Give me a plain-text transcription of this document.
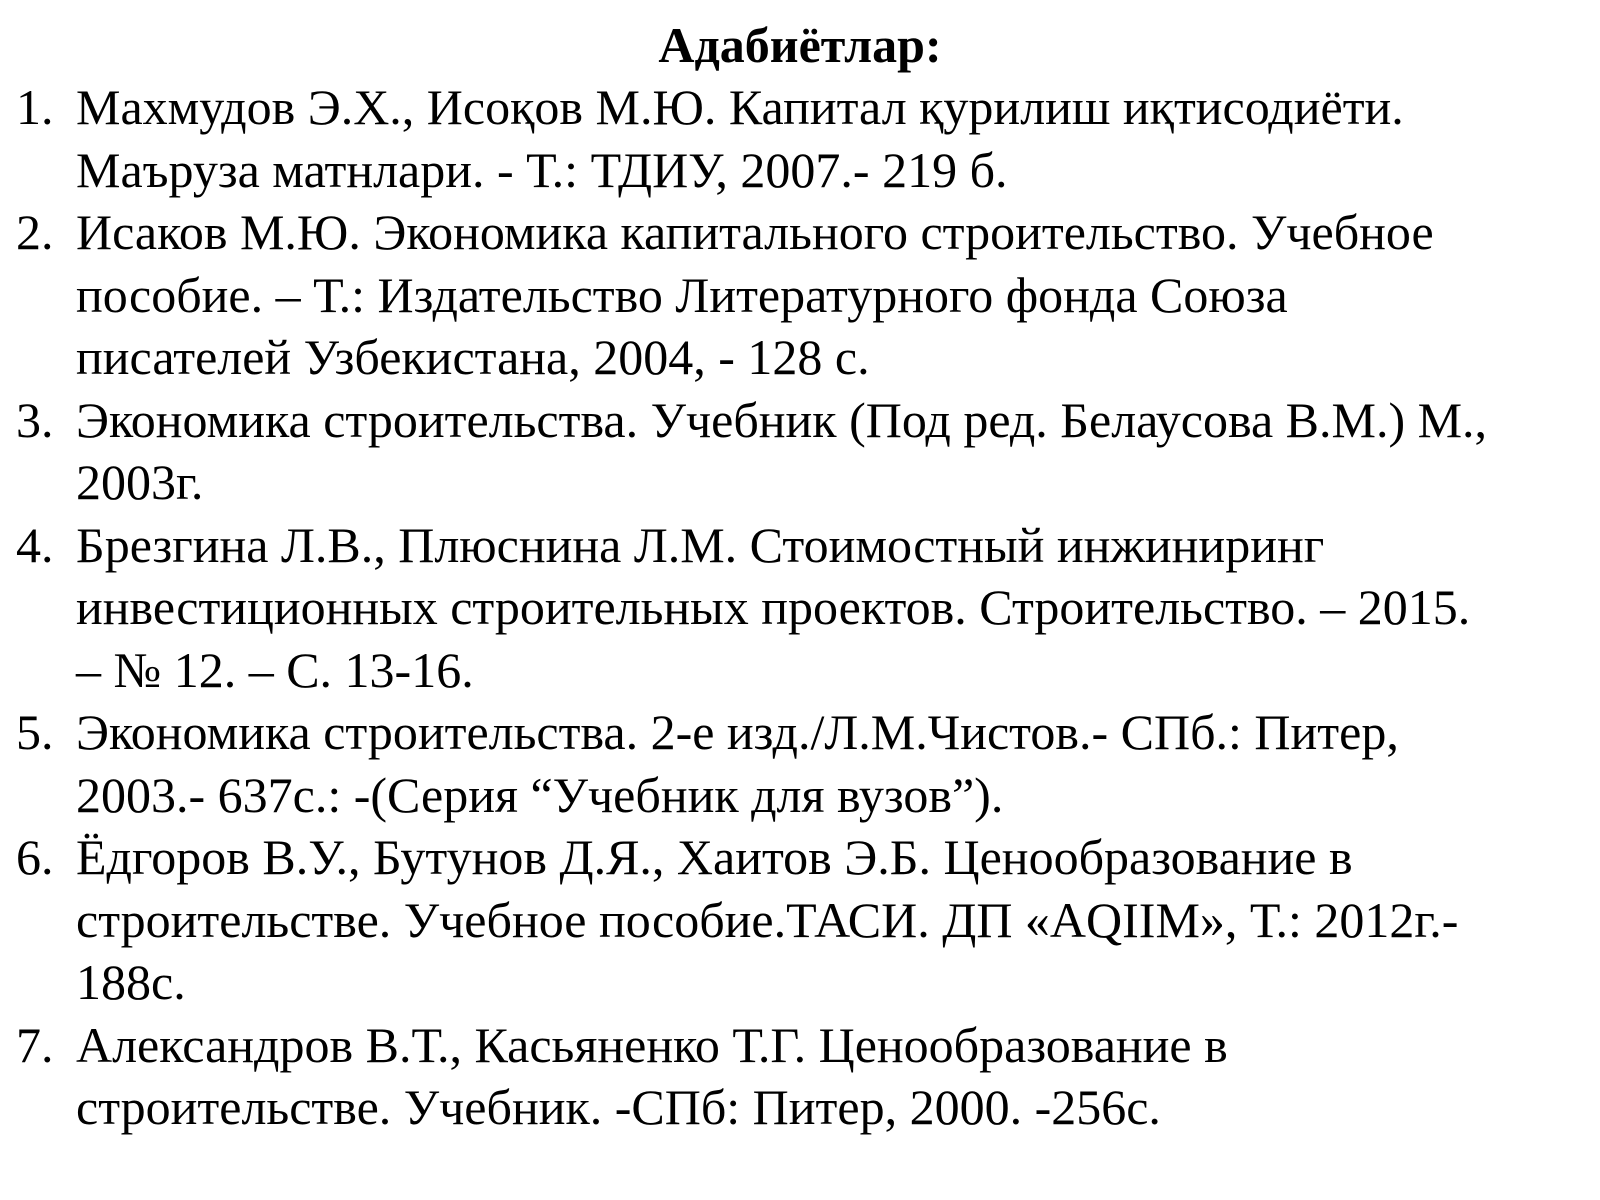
Адабиётлар:
1. Махмудов Э.Х., Исоқов М.Ю. Капитал қурилиш иқтисодиёти.
Маъруза матнлари. - Т.: ТДИУ, 2007.- 219 б.
2. Исаков М.Ю. Экономика капитального строительство. Учебное
пособие. – Т.: Издательство Литературного фонда Союза
писателей Узбекистана, 2004, - 128 с.
3. Экономика строительства. Учебник (Под ред. Белаусова В.М.) М.,
2003г.
4. Брезгина Л.В., Плюснина Л.М. Стоимостный инжиниринг
инвестиционных строительных проектов. Строительство. – 2015.
– № 12. – С. 13-16.
5. Экономика строительства. 2-е изд./Л.М.Чистов.- СПб.: Питер,
2003.- 637с.: -(Серия “Учебник для вузов”).
6. Ёдгоров В.У., Бутунов Д.Я., Хаитов Э.Б. Ценообразование в
строительстве. Учебное пособие.ТАСИ. ДП «AQIIM», Т.: 2012г.-
188с.
7. Александров В.Т., Касьяненко Т.Г. Ценообразование в
строительстве. Учебник. -СПб: Питер, 2000. -256с.
